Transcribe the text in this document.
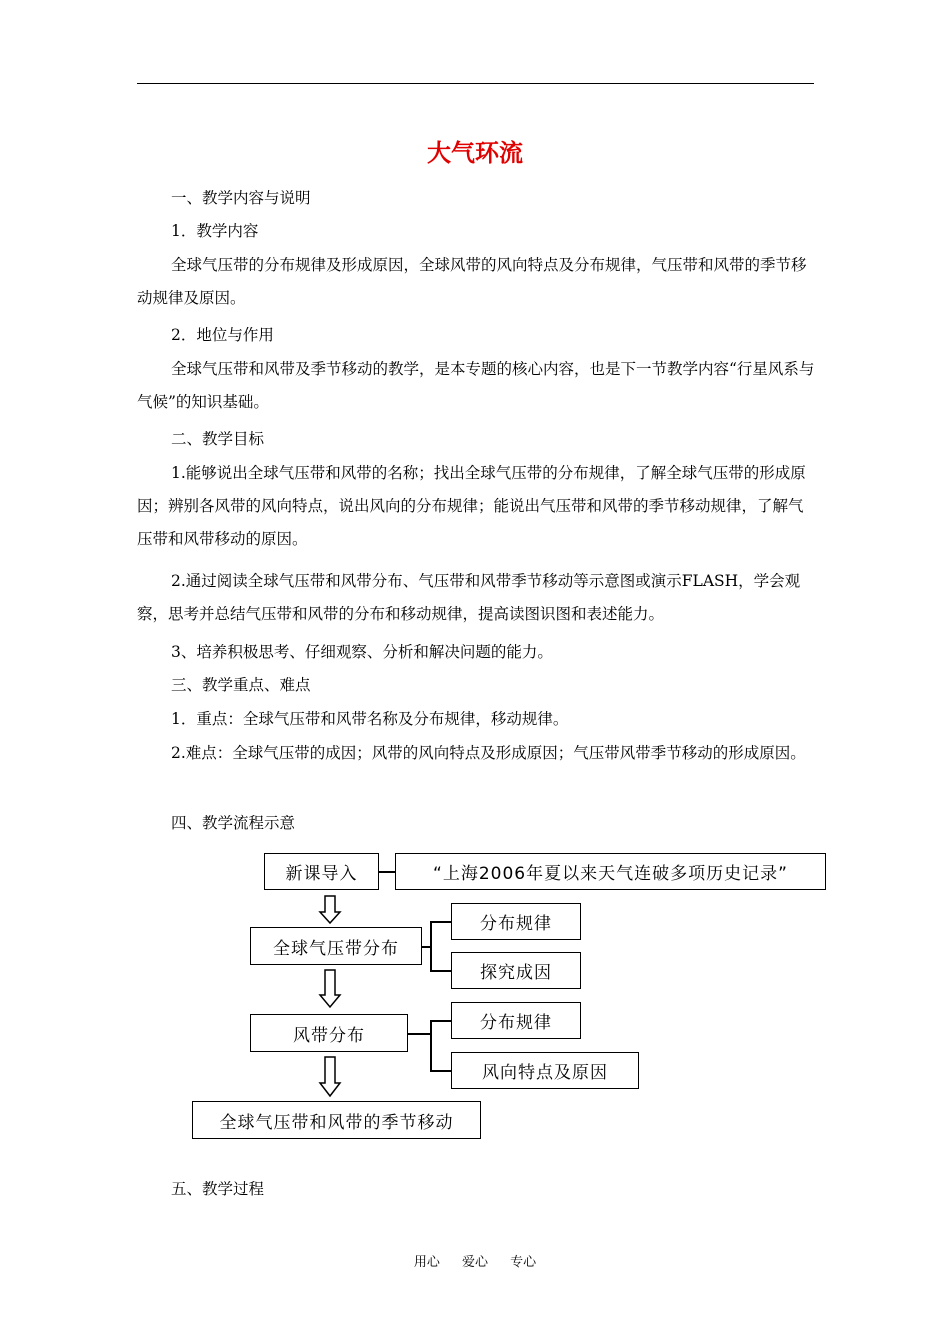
大气环流

一、教学内容与说明

1．教学内容

全球气压带的分布规律及形成原因，全球风带的风向特点及分布规律，气压带和风带的季节移动规律及原因。

2．地位与作用

全球气压带和风带及季节移动的教学，是本专题的核心内容，也是下一节教学内容“行星风系与气候”的知识基础。

二、教学目标

1.能够说出全球气压带和风带的名称；找出全球气压带的分布规律，了解全球气压带的形成原因；辨别各风带的风向特点，说出风向的分布规律；能说出气压带和风带的季节移动规律，了解气压带和风带移动的原因。

2.通过阅读全球气压带和风带分布、气压带和风带季节移动等示意图或演示FLASH，学会观察，思考并总结气压带和风带的分布和移动规律，提高读图识图和表述能力。

3、培养积极思考、仔细观察、分析和解决问题的能力。

三、教学重点、难点

1．重点：全球气压带和风带名称及分布规律，移动规律。

2.难点：全球气压带的成因；风带的风向特点及形成原因；气压带风带季节移动的形成原因。

四、教学流程示意

新课导入	“上海2006年夏以来天气连破多项历史记录”
全球气压带分布
分布规律
探究成因
风带分布
分布规律
风向特点及原因
全球气压带和风带的季节移动

五、教学过程

用心 爱心 专心
